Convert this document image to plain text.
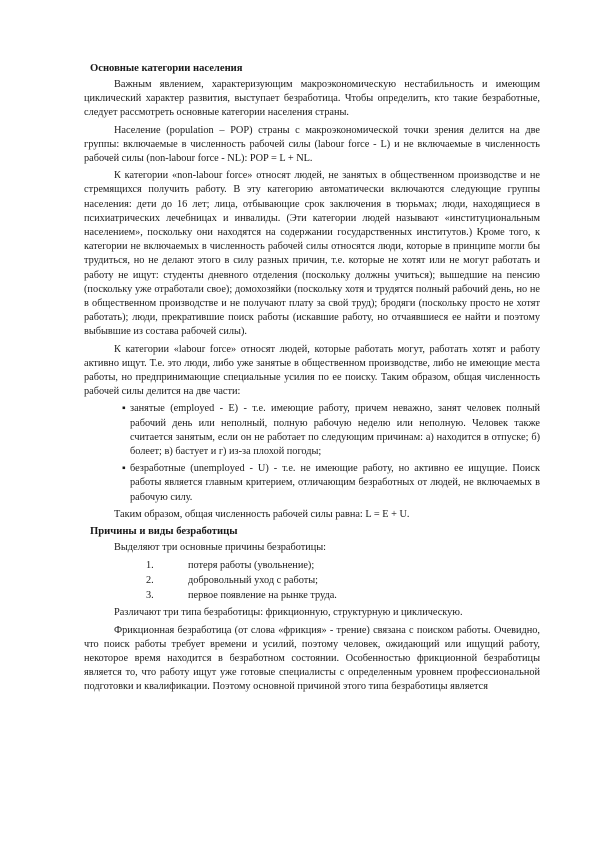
Основные категории населения

Важным явлением, характеризующим макроэкономическую нестабильность и имеющим циклический характер развития, выступает безработица. Чтобы определить, кто такие безработные, следует рассмотреть основные категории населения страны.

Население (population – POP) страны с макроэкономической точки зрения делится на две группы: включаемые в численность рабочей силы (labour force - L) и не включаемые в численность рабочей силы (non-labour force - NL): POP = L + NL.

К категории «non-labour force» относят людей, не занятых в общественном производстве и не стремящихся получить работу. В эту категорию автоматически включаются следующие группы населения: дети до 16 лет; лица, отбывающие срок заключения в тюрьмах; люди, находящиеся в психиатрических лечебницах и инвалиды. (Эти категории людей называют «институциональным населением», поскольку они находятся на содержании государственных институтов.) Кроме того, к категории не включаемых в численность рабочей силы относятся люди, которые в принципе могли бы трудиться, но не делают этого в силу разных причин, т.е. которые не хотят или не могут работать и работу не ищут: студенты дневного отделения (поскольку должны учиться); вышедшие на пенсию (поскольку уже отработали свое); домохозяйки (поскольку хотя и трудятся полный рабочий день, но не в общественном производстве и не получают плату за свой труд); бродяги (поскольку просто не хотят работать); люди, прекратившие поиск работы (искавшие работу, но отчаявшиеся ее найти и поэтому выбывшие из состава рабочей силы).

К категории «labour force» относят людей, которые работать могут, работать хотят и работу активно ищут. Т.е. это люди, либо уже занятые в общественном производстве, либо не имеющие места работы, но предпринимающие специальные усилия по ее поиску. Таким образом, общая численность рабочей силы делится на две части:

▪ занятые (employed - E) - т.е. имеющие работу, причем неважно, занят человек полный рабочий день или неполный, полную рабочую неделю или неполную. Человек также считается занятым, если он не работает по следующим причинам: а) находится в отпуске; б) болеет; в) бастует и г) из-за плохой погоды;
▪ безработные (unemployed - U) - т.е. не имеющие работу, но активно ее ищущие. Поиск работы является главным критерием, отличающим безработных от людей, не включаемых в рабочую силу.

Таким образом, общая численность рабочей силы равна: L = E + U.

Причины и виды безработицы

Выделяют три основные причины безработицы:

1.	потеря работы (увольнение);
2.	добровольный уход с работы;
3.	первое появление на рынке труда.

Различают три типа безработицы: фрикционную, структурную и циклическую.

Фрикционная безработица (от слова «фрикция» - трение) связана с поиском работы. Очевидно, что поиск работы требует времени и усилий, поэтому человек, ожидающий или ищущий работу, некоторое время находится в безработном состоянии. Особенностью фрикционной безработицы является то, что работу ищут уже готовые специалисты с определенным уровнем профессиональной подготовки и квалификации. Поэтому основной причиной этого типа безработицы является
